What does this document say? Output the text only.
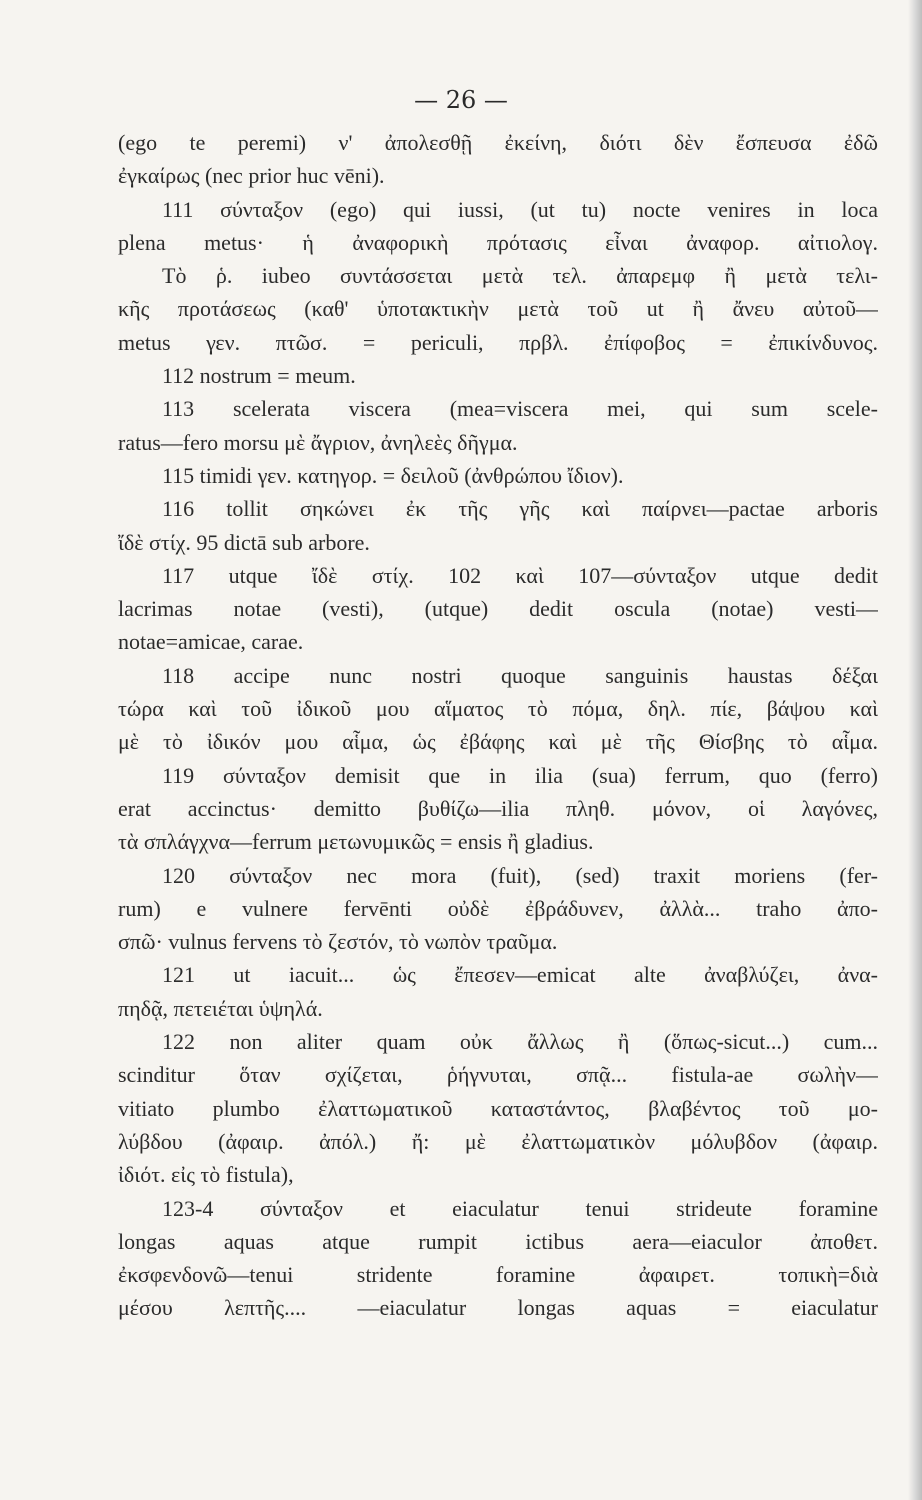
— 26 —
(ego te peremi) ν' ἀπολεσθῇ ἐκείνη, διότι δὲν ἔσπευσα ἐδῶ
ἐγκαίρως (nec prior huc vēni).
111 σύνταξον (ego) qui iussi, (ut tu) nocte venires in loca
plena metus· ἡ ἀναφορικὴ πρότασις εἶναι ἀναφορ. αἰτιολογ.
Τὸ ῥ. iubeo συντάσσεται μετὰ τελ. ἀπαρεμφ ἢ μετὰ τελι-
κῆς προτάσεως (καθ' ὑποτακτικὴν μετὰ τοῦ ut ἢ ἄνευ αὐτοῦ—
metus γεν. πτῶσ. = periculi, πρβλ. ἐπίφοβος = ἐπικίνδυνος.
112 nostrum = meum.
113 scelerata viscera (mea=viscera mei, qui sum scele-
ratus—fero morsu μὲ ἄγριον, ἀνηλεὲς δῆγμα.
115 timidi γεν. κατηγορ. = δειλοῦ (ἀνθρώπου ἴδιον).
116 tollit σηκώνει ἐκ τῆς γῆς καὶ παίρνει—pactae arboris
ἴδὲ στίχ. 95 dictā sub arbore.
117 utque ἴδὲ στίχ. 102 καὶ 107—σύνταξον utque dedit
lacrimas notae (vesti), (utque) dedit oscula (notae) vesti—
notae=amicae, carae.
118 accipe nunc nostri quoque sanguinis haustas δέξαι
τώρα καὶ τοῦ ἰδικοῦ μου αἵματος τὸ πόμα, δηλ. πίε, βάψου καὶ
μὲ τὸ ἰδικόν μου αἷμα, ὡς ἐβάφης καὶ μὲ τῆς Θίσβης τὸ αἷμα.
119 σύνταξον demisit que in ilia (sua) ferrum, quo (ferro)
erat accinctus· demitto βυθίζω—ilia πληθ. μόνον, οἱ λαγόνες,
τὰ σπλάγχνα—ferrum μετωνυμικῶς = ensis ἢ gladius.
120 σύνταξον nec mora (fuit), (sed) traxit moriens (fer-
rum) e vulnere fervēnti οὐδὲ ἐβράδυνεν, ἀλλὰ... traho ἀπο-
σπῶ· vulnus fervens τὸ ζεστόν, τὸ νωπὸν τραῦμα.
121 ut iacuit... ὡς ἔπεσεν—emicat alte ἀναβλύζει, ἀνα-
πηδᾷ, πετειέται ὑψηλά.
122 non aliter quam οὐκ ἄλλως ἢ (ὅπως-sicut...) cum...
scinditur ὅταν σχίζεται, ῥήγνυται, σπᾷ... fistula-ae σωλὴν—
vitiato plumbo ἐλαττωματικοῦ καταστάντος, βλαβέντος τοῦ μο-
λύβδου (ἀφαιρ. ἀπόλ.) ἤ: μὲ ἐλαττωματικὸν μόλυβδον (ἀφαιρ.
ἰδιότ. εἰς τὸ fistula),
123-4 σύνταξον et eiaculatur tenui strideute foramine
longas aquas atque rumpit ictibus aera—eiaculor ἀποθετ.
ἐκσφενδονῶ—tenui stridente foramine ἀφαιρετ. τοπικὴ=διὰ
μέσου λεπτῆς.... —eiaculatur longas aquas = eiaculatur
